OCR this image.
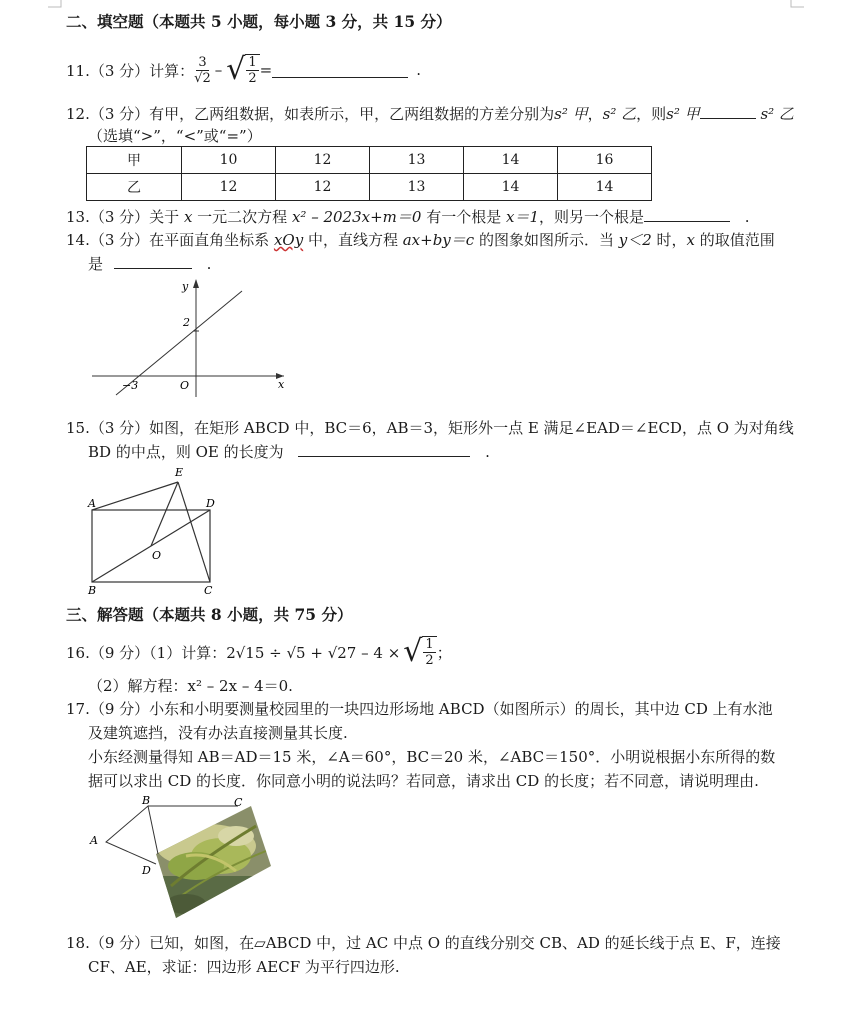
二、填空题（本题共 5 小题，每小题 3 分，共 15 分）
11.（3 分）计算： $\frac{3}{√2}$ – √ $\frac{1}{2}$ =	.
12.（3 分）有甲，乙两组数据，如表所示，甲，乙两组数据的方差分别为s² 甲，s² 乙，则s² 甲	s² 乙
（选填“>”，“<”或“=”）
甲	10	12	13	14	16
乙	12	12	13	14	14
13.（3 分）关于 x 一元二次方程 x² – 2023x+m＝0 有一个根是 x＝1，则另一个根是	.
14.（3 分）在平面直角坐标系 xOy 中，直线方程 ax+by＝c 的图象如图所示．当 y＜2 时，x 的取值范围
是	.
y
x
2
−3	O
15.（3 分）如图，在矩形 ABCD 中，BC＝6，AB＝3，矩形外一点 E 满足∠EAD＝∠ECD，点 O 为对角线
BD 的中点，则 OE 的长度为	.
A
B	C
D
E
O
三、解答题（本题共 8 小题，共 75 分）
16.（9 分）（1）计算：2√15 ÷ √5 + √27 – 4 × √ $\frac{1}{2}$ ；
（2）解方程：x² – 2x – 4＝0.
17.（9 分）小东和小明要测量校园里的一块四边形场地 ABCD（如图所示）的周长，其中边 CD 上有水池
及建筑遮挡，没有办法直接测量其长度.
小东经测量得知 AB＝AD＝15 米，∠A＝60°，BC＝20 米，∠ABC＝150°．小明说根据小东所得的数
据可以求出 CD 的长度．你同意小明的说法吗？若同意，请求出 CD 的长度；若不同意，请说明理由.
B	C
A
D
18.（9 分）已知，如图，在▱ABCD 中，过 AC 中点 O 的直线分别交 CB、AD 的延长线于点 E、F，连接
CF、AE，求证：四边形 AECF 为平行四边形.
